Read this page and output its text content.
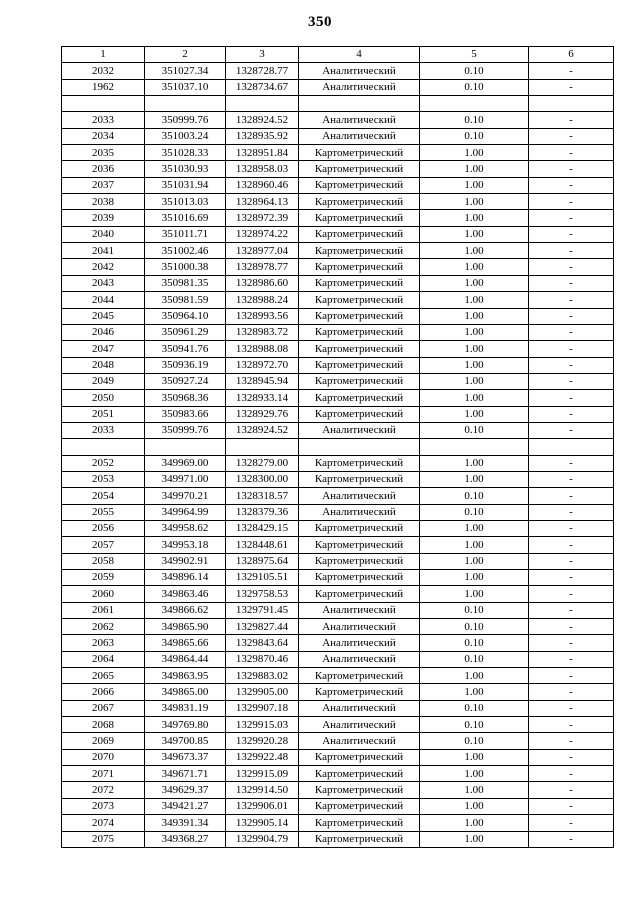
350
1	2	3	4	5	6
2032	351027.34	1328728.77	Аналитический	0.10	-
1962	351037.10	1328734.67	Аналитический	0.10	-

2033	350999.76	1328924.52	Аналитический	0.10	-
2034	351003.24	1328935.92	Аналитический	0.10	-
2035	351028.33	1328951.84	Картометрический	1.00	-
2036	351030.93	1328958.03	Картометрический	1.00	-
2037	351031.94	1328960.46	Картометрический	1.00	-
2038	351013.03	1328964.13	Картометрический	1.00	-
2039	351016.69	1328972.39	Картометрический	1.00	-
2040	351011.71	1328974.22	Картометрический	1.00	-
2041	351002.46	1328977.04	Картометрический	1.00	-
2042	351000.38	1328978.77	Картометрический	1.00	-
2043	350981.35	1328986.60	Картометрический	1.00	-
2044	350981.59	1328988.24	Картометрический	1.00	-
2045	350964.10	1328993.56	Картометрический	1.00	-
2046	350961.29	1328983.72	Картометрический	1.00	-
2047	350941.76	1328988.08	Картометрический	1.00	-
2048	350936.19	1328972.70	Картометрический	1.00	-
2049	350927.24	1328945.94	Картометрический	1.00	-
2050	350968.36	1328933.14	Картометрический	1.00	-
2051	350983.66	1328929.76	Картометрический	1.00	-
2033	350999.76	1328924.52	Аналитический	0.10	-

2052	349969.00	1328279.00	Картометрический	1.00	-
2053	349971.00	1328300.00	Картометрический	1.00	-
2054	349970.21	1328318.57	Аналитический	0.10	-
2055	349964.99	1328379.36	Аналитический	0.10	-
2056	349958.62	1328429.15	Картометрический	1.00	-
2057	349953.18	1328448.61	Картометрический	1.00	-
2058	349902.91	1328975.64	Картометрический	1.00	-
2059	349896.14	1329105.51	Картометрический	1.00	-
2060	349863.46	1329758.53	Картометрический	1.00	-
2061	349866.62	1329791.45	Аналитический	0.10	-
2062	349865.90	1329827.44	Аналитический	0.10	-
2063	349865.66	1329843.64	Аналитический	0.10	-
2064	349864.44	1329870.46	Аналитический	0.10	-
2065	349863.95	1329883.02	Картометрический	1.00	-
2066	349865.00	1329905.00	Картометрический	1.00	-
2067	349831.19	1329907.18	Аналитический	0.10	-
2068	349769.80	1329915.03	Аналитический	0.10	-
2069	349700.85	1329920.28	Аналитический	0.10	-
2070	349673.37	1329922.48	Картометрический	1.00	-
2071	349671.71	1329915.09	Картометрический	1.00	-
2072	349629.37	1329914.50	Картометрический	1.00	-
2073	349421.27	1329906.01	Картометрический	1.00	-
2074	349391.34	1329905.14	Картометрический	1.00	-
2075	349368.27	1329904.79	Картометрический	1.00	-
